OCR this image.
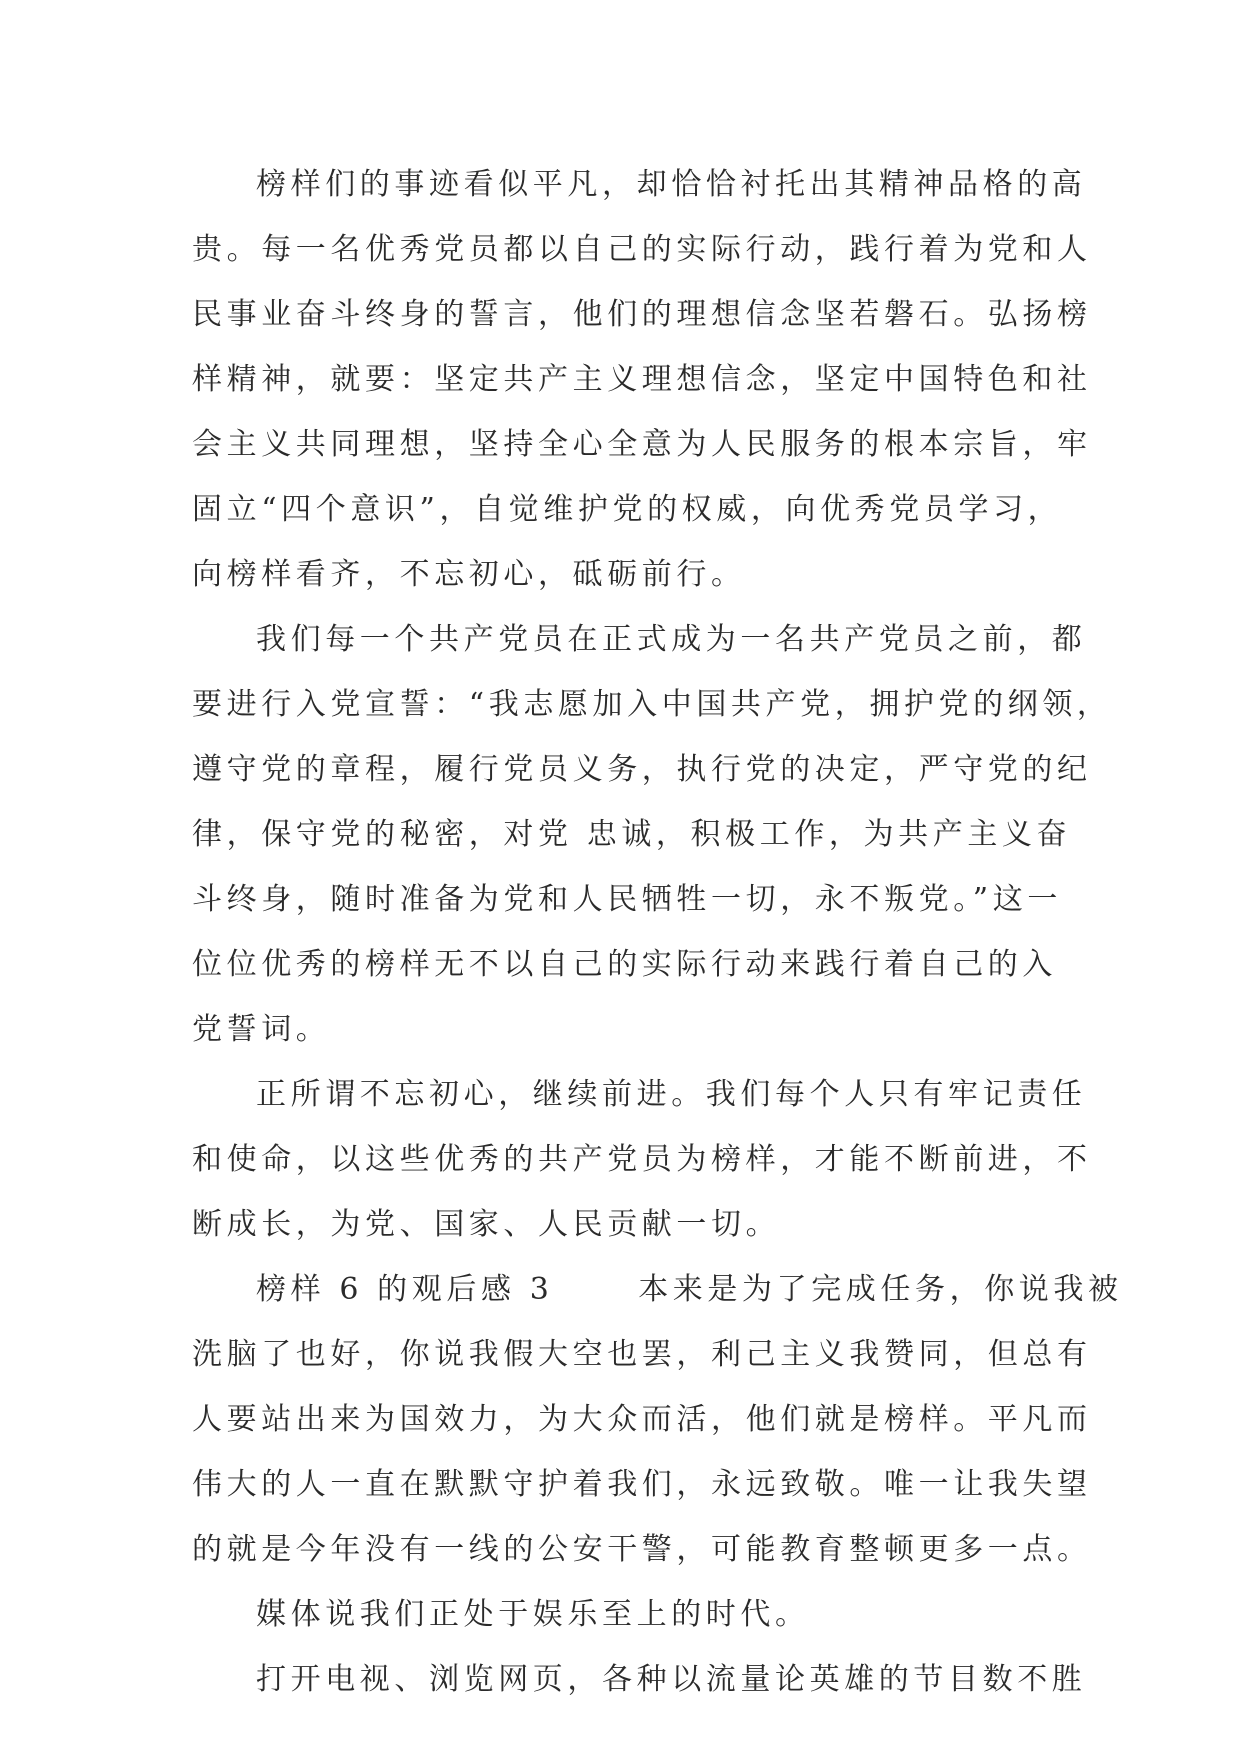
榜样们的事迹看似平凡，却恰恰衬托出其精神品格的高
贵。每一名优秀党员都以自己的实际行动，践行着为党和人
民事业奋斗终身的誓言，他们的理想信念坚若磐石。弘扬榜
样精神，就要：坚定共产主义理想信念，坚定中国特色和社
会主义共同理想，坚持全心全意为人民服务的根本宗旨，牢
固立“四个意识”，自觉维护党的权威，向优秀党员学习，
向榜样看齐，不忘初心，砥砺前行。
我们每一个共产党员在正式成为一名共产党员之前，都
要进行入党宣誓：“我志愿加入中国共产党，拥护党的纲领，
遵守党的章程，履行党员义务，执行党的决定，严守党的纪
律，保守党的秘密，对党 忠诚，积极工作，为共产主义奋
斗终身，随时准备为党和人民牺牲一切，永不叛党。”这一
位位优秀的榜样无不以自己的实际行动来践行着自己的入
党誓词。
正所谓不忘初心，继续前进。我们每个人只有牢记责任
和使命，以这些优秀的共产党员为榜样，才能不断前进，不
断成长，为党、国家、人民贡献一切。
榜样 6 的观后感 3      本来是为了完成任务，你说我被
洗脑了也好，你说我假大空也罢，利己主义我赞同，但总有
人要站出来为国效力，为大众而活，他们就是榜样。平凡而
伟大的人一直在默默守护着我们，永远致敬。唯一让我失望
的就是今年没有一线的公安干警，可能教育整顿更多一点。
媒体说我们正处于娱乐至上的时代。
打开电视、浏览网页，各种以流量论英雄的节目数不胜
